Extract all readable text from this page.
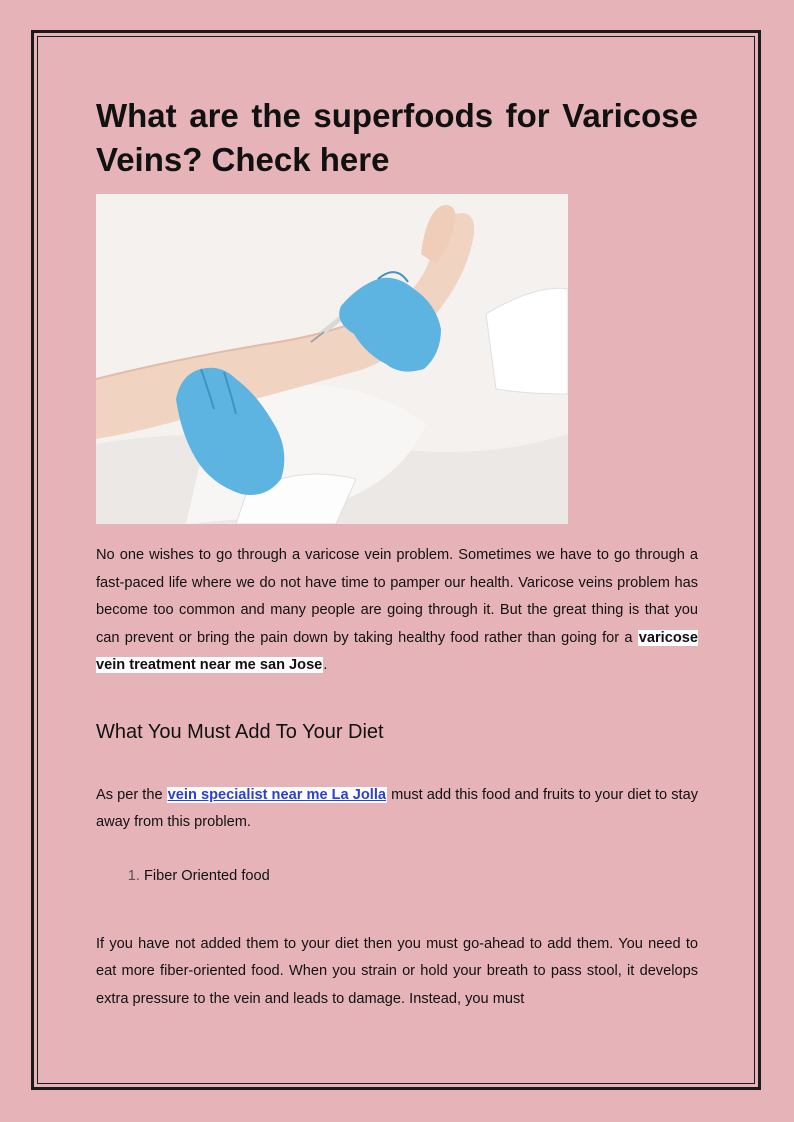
What are the superfoods for Varicose Veins? Check here

No one wishes to go through a varicose vein problem. Sometimes we have to go through a fast-paced life where we do not have time to pamper our health. Varicose veins problem has become too common and many people are going through it. But the great thing is that you can prevent or bring the pain down by taking healthy food rather than going for a varicose vein treatment near me san Jose.

What You Must Add To Your Diet

As per the vein specialist near me La Jolla must add this food and fruits to your diet to stay away from this problem.

1. Fiber Oriented food

If you have not added them to your diet then you must go-ahead to add them. You need to eat more fiber-oriented food. When you strain or hold your breath to pass stool, it develops extra pressure to the vein and leads to damage. Instead, you must
